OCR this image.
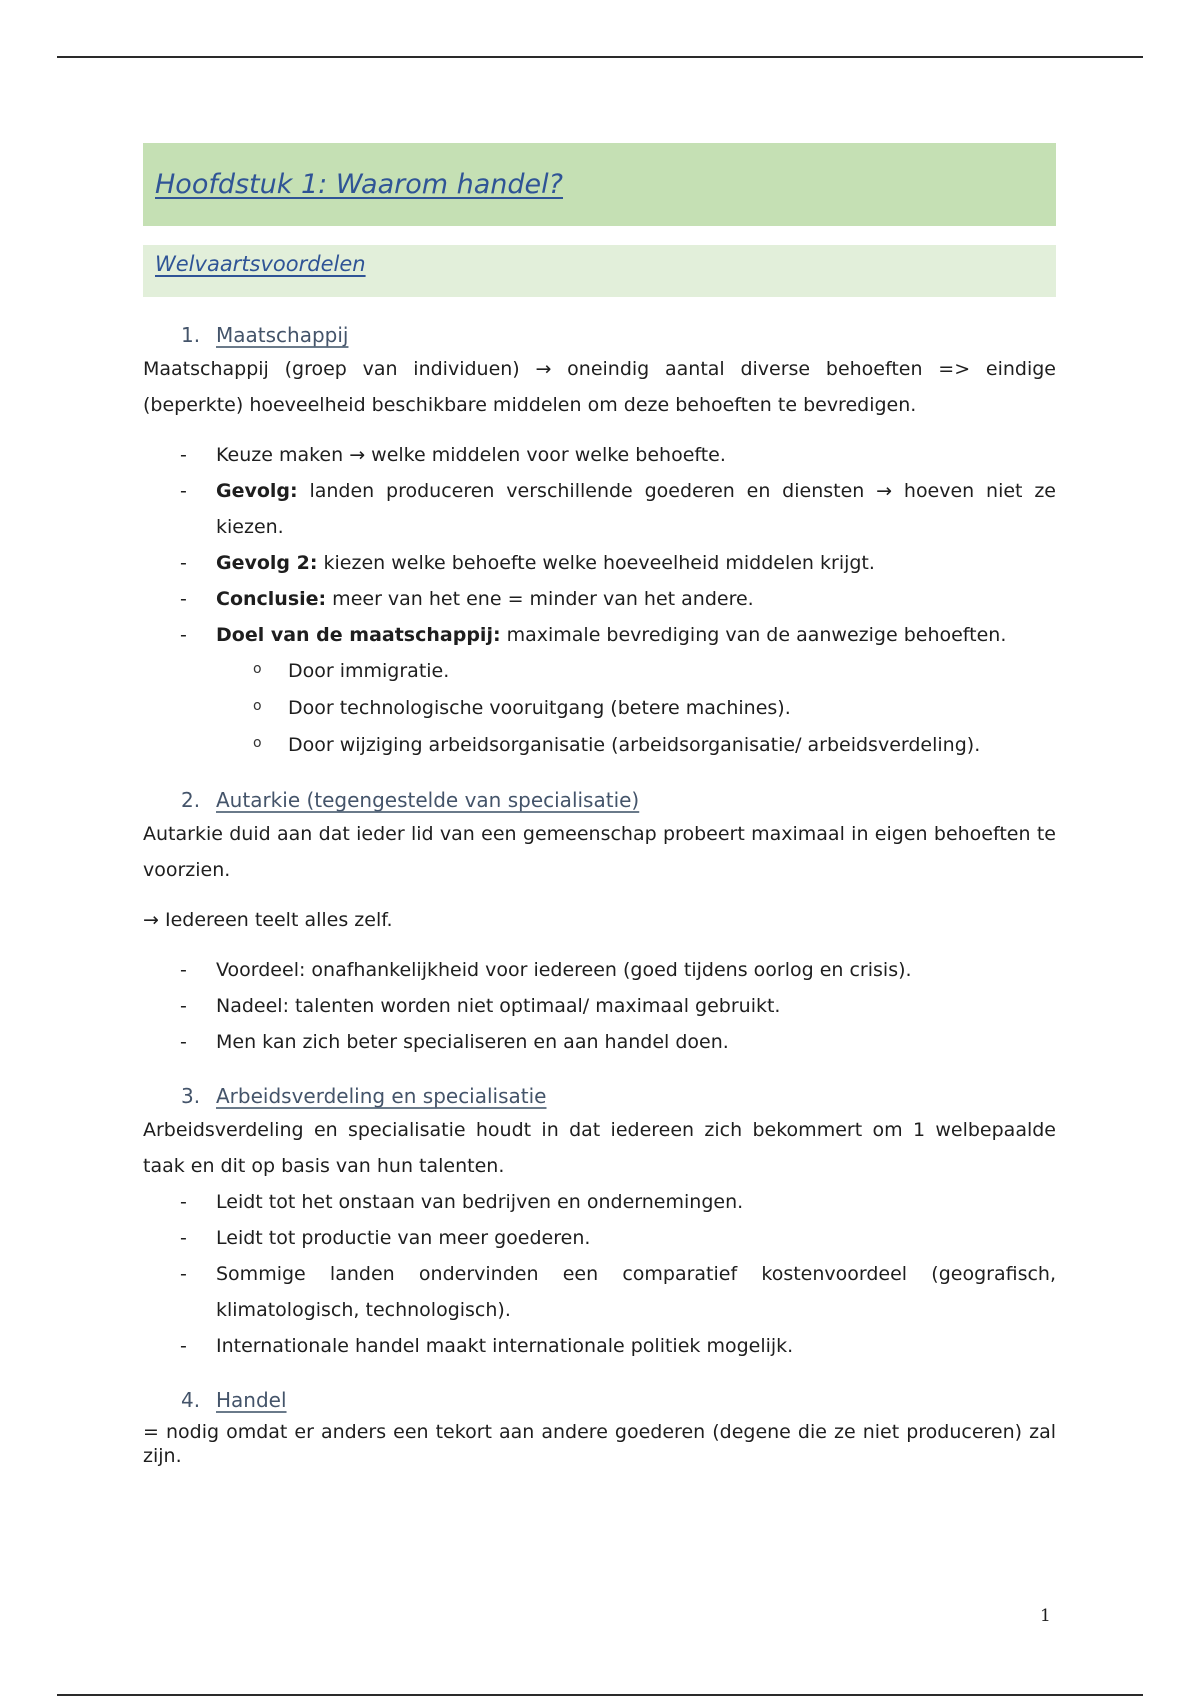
Hoofdstuk 1: Waarom handel?
Welvaartsvoordelen
1. Maatschappij

Maatschappij (groep van individuen) → oneindig aantal diverse behoeften => eindige (beperkte) hoeveelheid beschikbare middelen om deze behoeften te bevredigen.

- Keuze maken → welke middelen voor welke behoefte.
- Gevolg: landen produceren verschillende goederen en diensten → hoeven niet ze kiezen.
- Gevolg 2: kiezen welke behoefte welke hoeveelheid middelen krijgt.
- Conclusie: meer van het ene = minder van het andere.
- Doel van de maatschappij: maximale bevrediging van de aanwezige behoeften.
o Door immigratie.
o Door technologische vooruitgang (betere machines).
o Door wijziging arbeidsorganisatie (arbeidsorganisatie/ arbeidsverdeling).
2. Autarkie (tegengestelde van specialisatie)

Autarkie duid aan dat ieder lid van een gemeenschap probeert maximaal in eigen behoeften te voorzien.

→ Iedereen teelt alles zelf.

- Voordeel: onafhankelijkheid voor iedereen (goed tijdens oorlog en crisis).
- Nadeel: talenten worden niet optimaal/ maximaal gebruikt.
- Men kan zich beter specialiseren en aan handel doen.
3. Arbeidsverdeling en specialisatie

Arbeidsverdeling en specialisatie houdt in dat iedereen zich bekommert om 1 welbepaalde taak en dit op basis van hun talenten.

- Leidt tot het onstaan van bedrijven en ondernemingen.
- Leidt tot productie van meer goederen.
- Sommige landen ondervinden een comparatief kostenvoordeel (geografisch, klimatologisch, technologisch).
- Internationale handel maakt internationale politiek mogelijk.
4. Handel

= nodig omdat er anders een tekort aan andere goederen (degene die ze niet produceren) zal zijn.

1
